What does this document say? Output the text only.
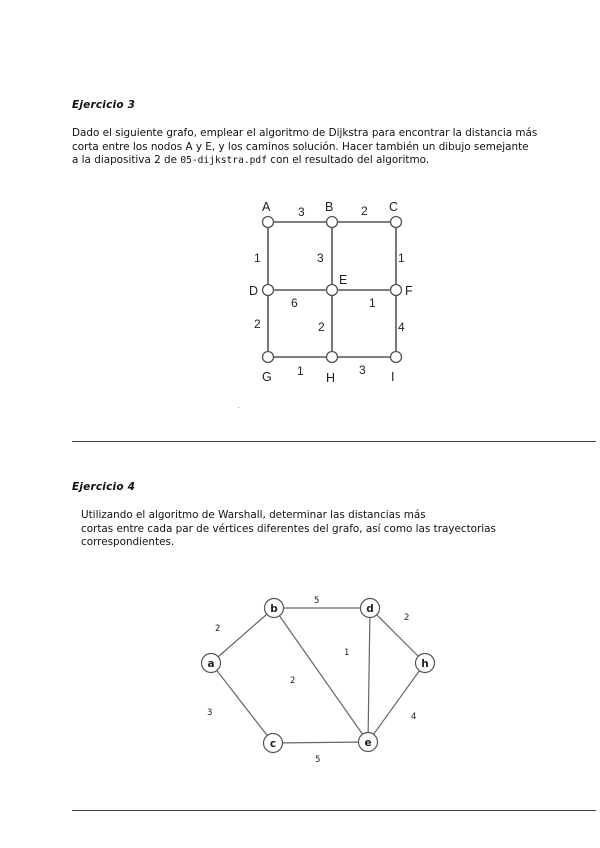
Ejercicio 3
Dado el siguiente grafo, emplear el algoritmo de Dijkstra para encontrar la distancia más
corta entre los nodos A y E, y los caminos solución. Hacer también un dibujo semejante
a la diapositiva 2 de 05-dijkstra.pdf con el resultado del algoritmo.
A	B	C
D
E
F
G	H	I
3	2
1	3	1
6	1
2	2	4
1	3
Ejercicio 4
Utilizando el algoritmo de Warshall, determinar las distancias más
cortas entre cada par de vértices diferentes del grafo, así como las trayectorias
correspondientes.
a
b
c
d
e
h
2
5
2
1
2
3
5
4
